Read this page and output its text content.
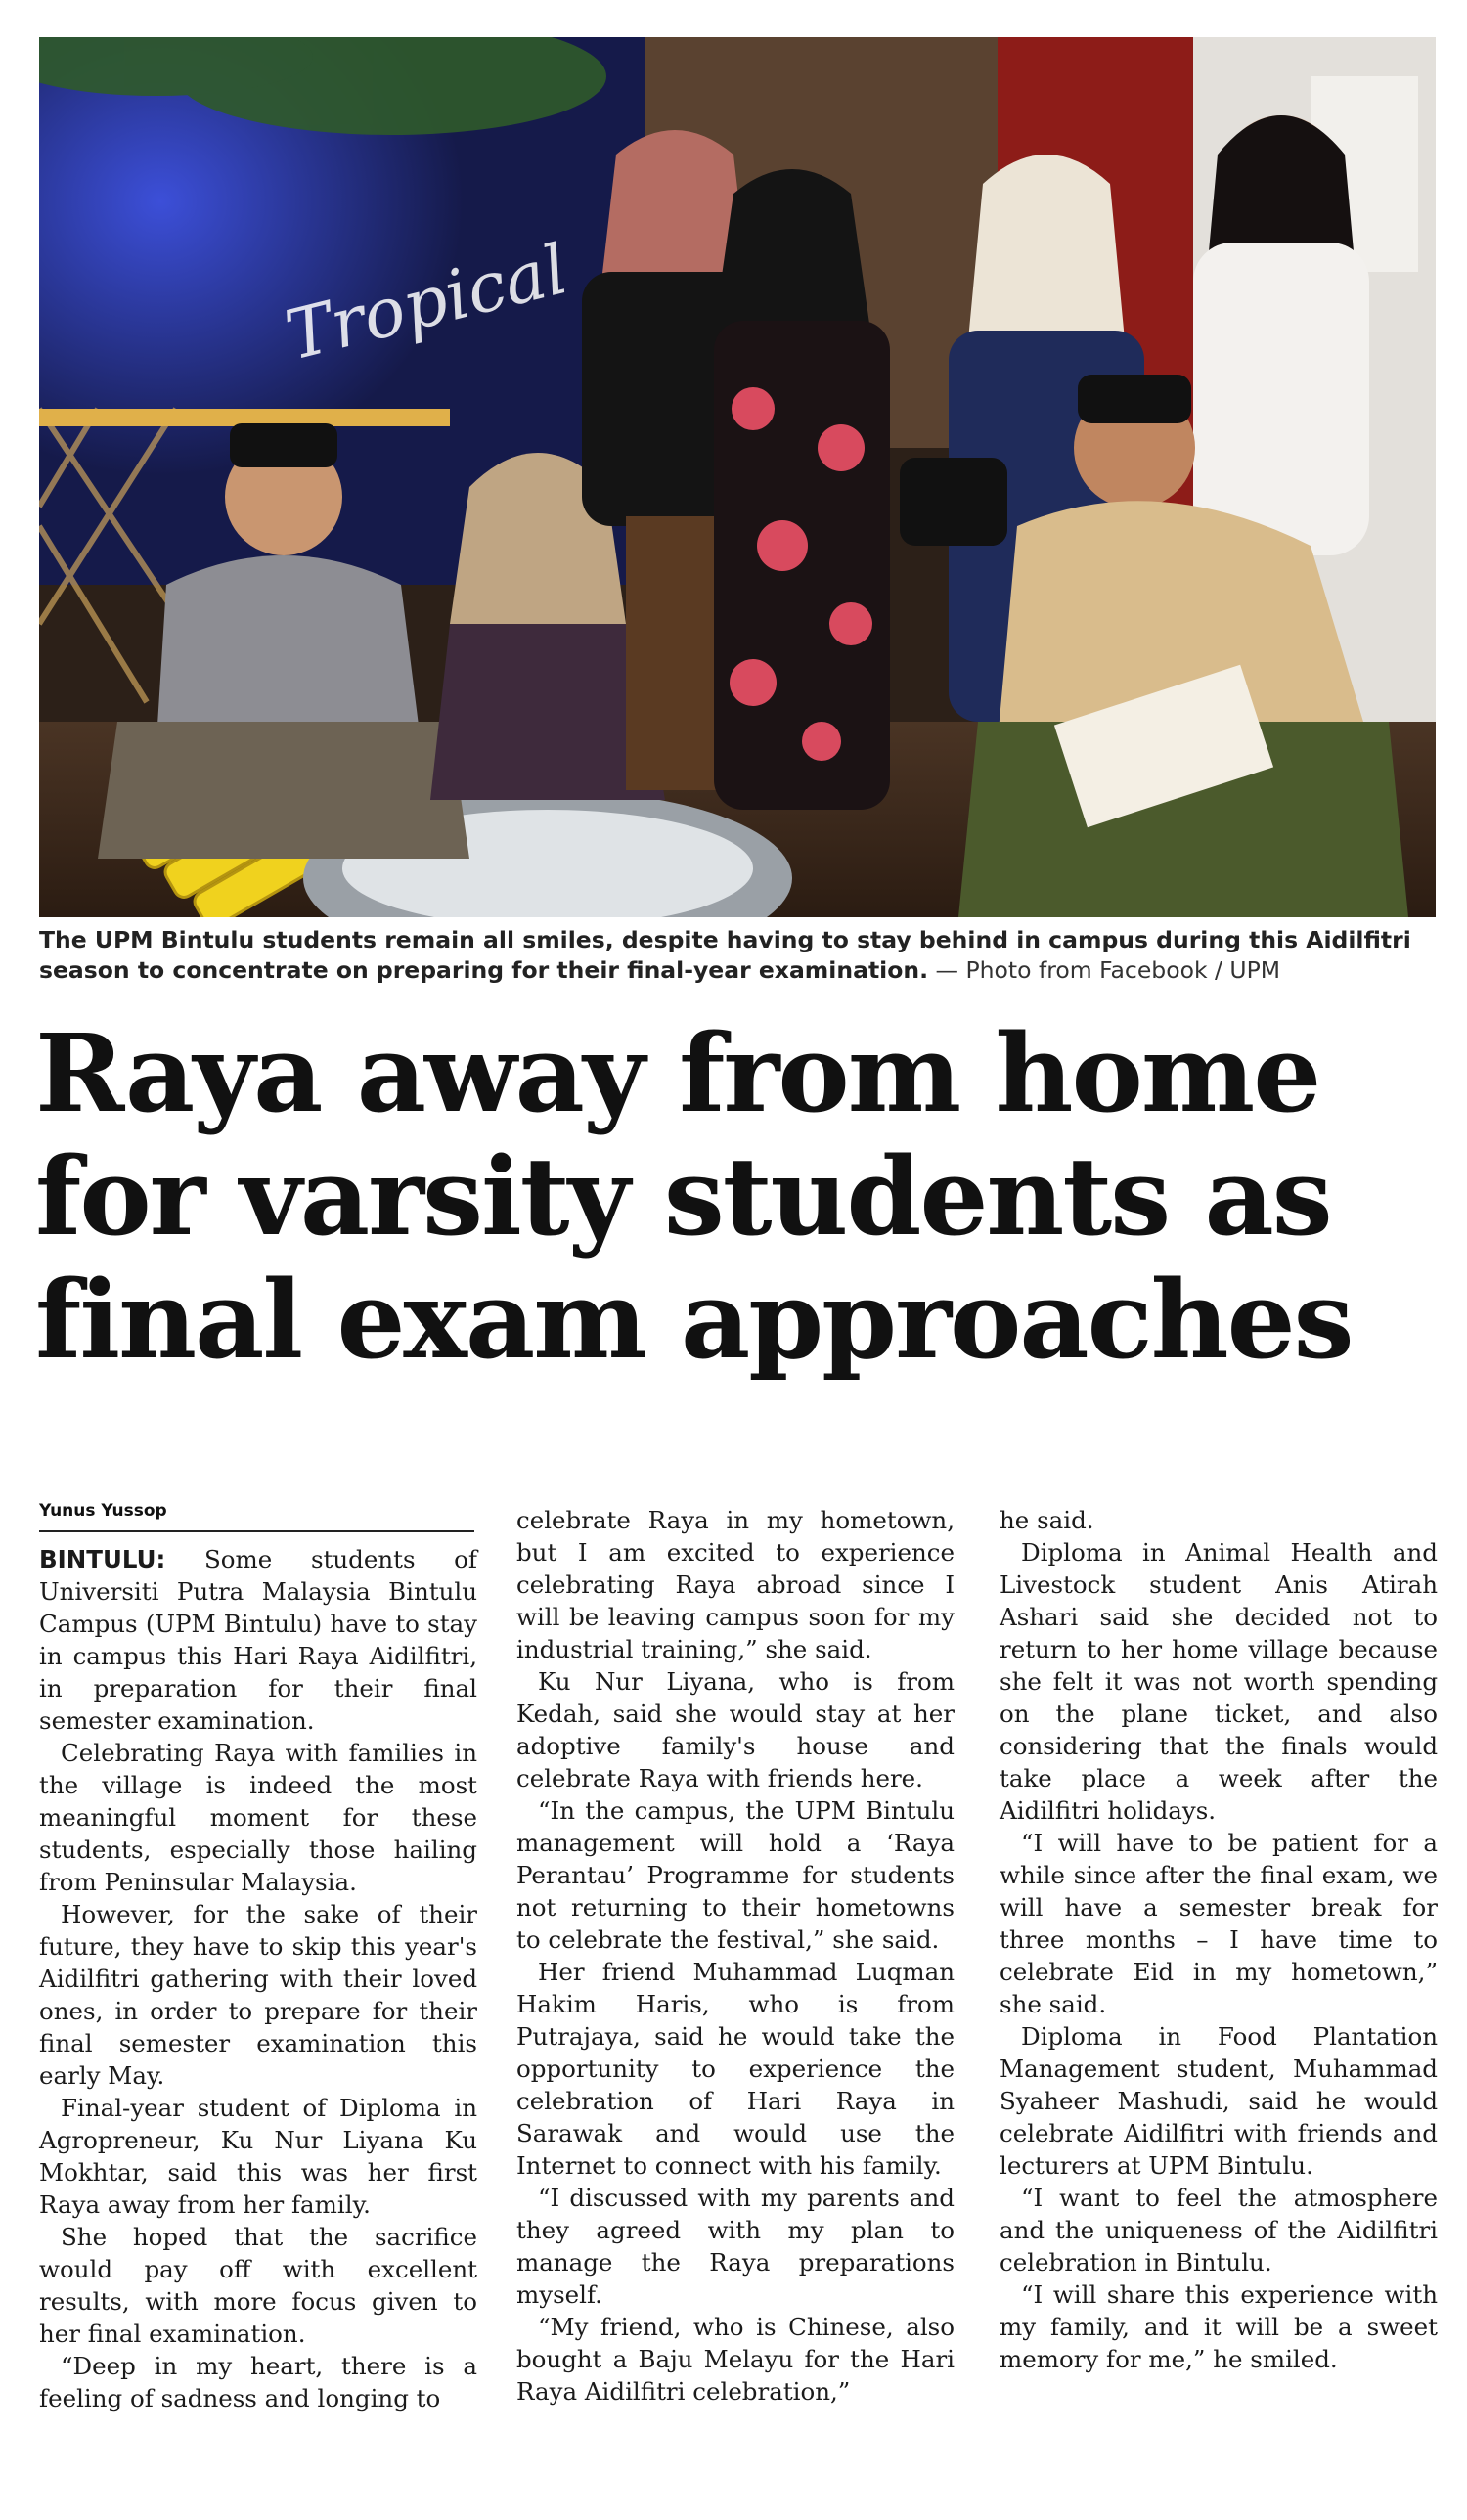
Tropical
The UPM Bintulu students remain all smiles, despite having to stay behind in campus during this Aidilfitri season to concentrate on preparing for their final-year examination. — Photo from Facebook / UPM
Raya away from home
for varsity students as
final exam approaches
Yunus Yussop

BINTULU: Some students of Universiti Putra Malaysia Bintulu Campus (UPM Bintulu) have to stay in campus this Hari Raya Aidilfitri, in preparation for their final semester examination.

Celebrating Raya with families in the village is indeed the most meaningful moment for these students, especially those hailing from Peninsular Malaysia.

However, for the sake of their future, they have to skip this year's Aidilfitri gathering with their loved ones, in order to prepare for their final semester examination this early May.

Final-year student of Diploma in Agropreneur, Ku Nur Liyana Ku Mokhtar, said this was her first Raya away from her family.

She hoped that the sacrifice would pay off with excellent results, with more focus given to her final examination.

“Deep in my heart, there is a feeling of sadness and longing to

celebrate Raya in my hometown, but I am excited to experience celebrating Raya abroad since I will be leaving campus soon for my industrial training,” she said.

Ku Nur Liyana, who is from Kedah, said she would stay at her adoptive family's house and celebrate Raya with friends here.

“In the campus, the UPM Bintulu management will hold a ‘Raya Perantau’ Programme for students not returning to their hometowns to celebrate the festival,” she said.

Her friend Muhammad Luqman Hakim Haris, who is from Putrajaya, said he would take the opportunity to experience the celebration of Hari Raya in Sarawak and would use the Internet to connect with his family.

“I discussed with my parents and they agreed with my plan to manage the Raya preparations myself.

“My friend, who is Chinese, also bought a Baju Melayu for the Hari Raya Aidilfitri celebration,”

he said.

Diploma in Animal Health and Livestock student Anis Atirah Ashari said she decided not to return to her home village because she felt it was not worth spending on the plane ticket, and also considering that the finals would take place a week after the Aidilfitri holidays.

“I will have to be patient for a while since after the final exam, we will have a semester break for three months – I have time to celebrate Eid in my hometown,” she said.

Diploma in Food Plantation Management student, Muhammad Syaheer Mashudi, said he would celebrate Aidilfitri with friends and lecturers at UPM Bintulu.

“I want to feel the atmosphere and the uniqueness of the Aidilfitri celebration in Bintulu.

“I will share this experience with my family, and it will be a sweet memory for me,” he smiled.
